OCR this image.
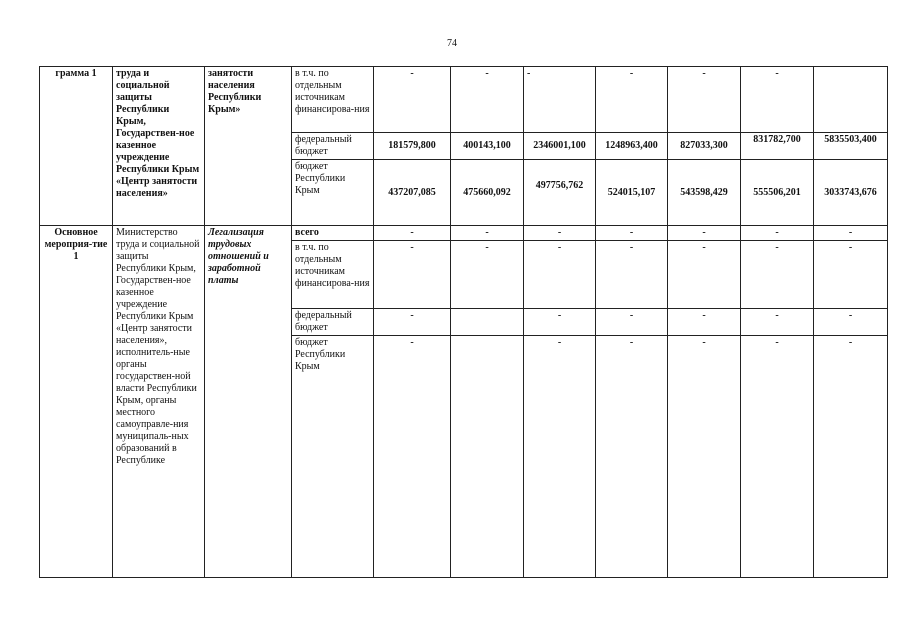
74
грамма 1	труда и социальной защиты Республики Крым, Государствен-ное казенное учреждение Республики Крым «Центр занятости населения»	занятости населения Республики Крым»	в т.ч. по отдельным источникам финансирова-ния	-	-	-	-	-	-	
			федеральный бюджет	181579,800	400143,100	2346001,100	1248963,400	827033,300	831782,700	5835503,400
			бюджет Республики Крым	437207,085	475660,092	497756,762	524015,107	543598,429	555506,201	3033743,676
Основное мероприя-тие 1	Министерство труда и социальной защиты Республики Крым, Государствен-ное казенное учреждение Республики Крым «Центр занятости населения», исполнитель-ные органы государствен-ной власти Республики Крым, органы местного самоуправле-ния муниципаль-ных образований в Республике	Легализация трудовых отношений и заработной платы	всего	-	-	-	-	-	-	-
			в т.ч. по отдельным источникам финансирова-ния	-	-	-	-	-	-	-
			федеральный бюджет	-		-	-	-	-	-
			бюджет Республики Крым	-		-	-	-	-	-
